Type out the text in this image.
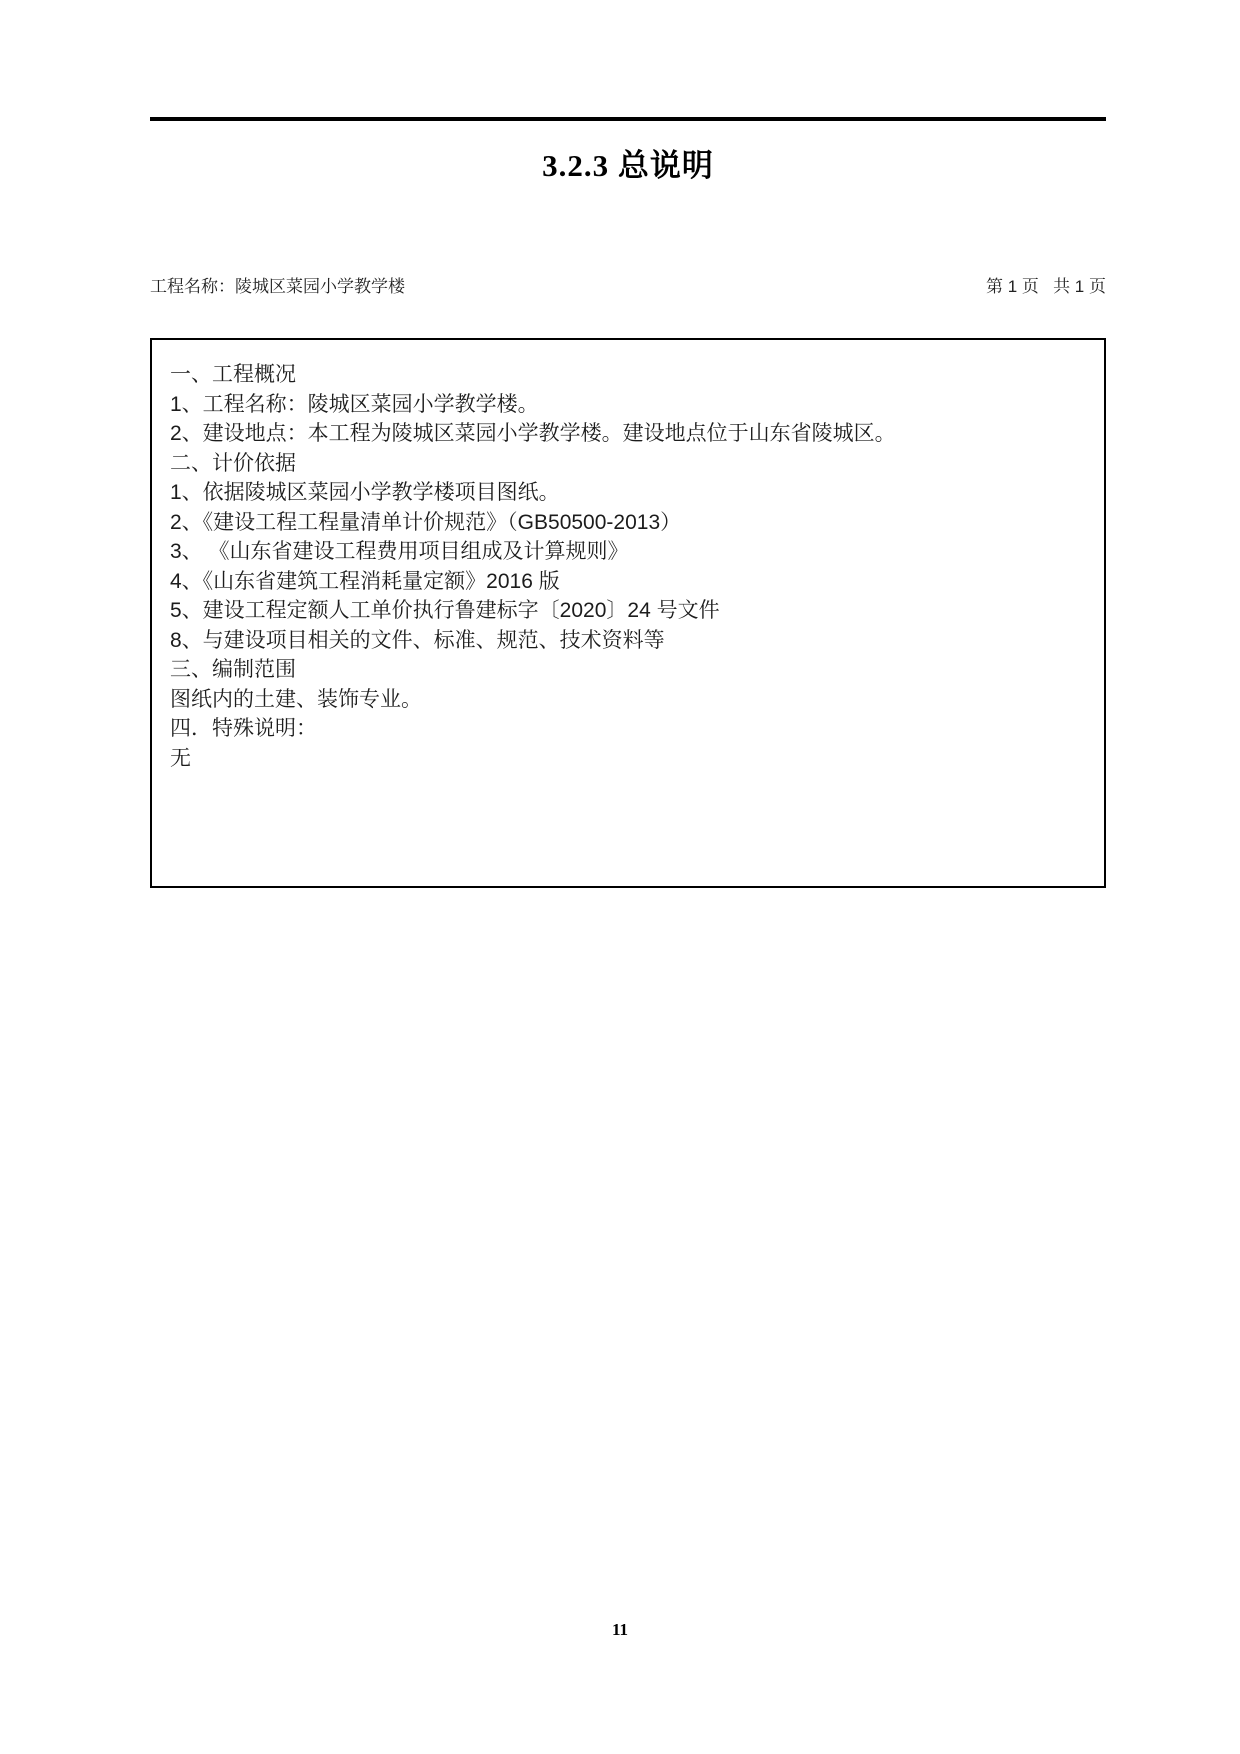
3.2.3 总说明
工程名称：陵城区菜园小学教学楼	第 1 页   共 1 页
一、工程概况
1、工程名称：陵城区菜园小学教学楼。
2、建设地点：本工程为陵城区菜园小学教学楼。建设地点位于山东省陵城区。
二、计价依据
1、依据陵城区菜园小学教学楼项目图纸。
2、《建设工程工程量清单计价规范》（GB50500-2013）
3、 《山东省建设工程费用项目组成及计算规则》
4、《山东省建筑工程消耗量定额》2016 版
5、建设工程定额人工单价执行鲁建标字〔2020〕24 号文件
8、与建设项目相关的文件、标准、规范、技术资料等
三、编制范围
图纸内的土建、装饰专业。
四．特殊说明：
无
11
